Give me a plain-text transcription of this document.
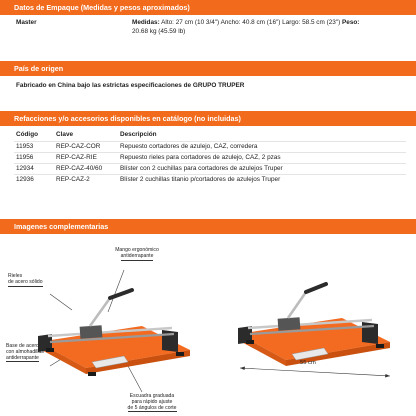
Datos de Empaque (Medidas y pesos aproximados)
Master	Medidas: Alto: 27 cm (10 3/4") Ancho: 40.8 cm (16") Largo: 58.5 cm (23") Peso: 20.68 kg (45.59 lb)
País de origen
Fabricado en China bajo las estrictas especificaciones de GRUPO TRUPER
Refacciones y/o accesorios disponibles en catálogo (no incluidas)
Código	Clave	Descripción
11953	REP-CAZ-COR	Repuesto cortadores de azulejo, CAZ, corredera
11956	REP-CAZ-RIE	Repuesto rieles para cortadores de azulejo, CAZ, 2 pzas
12934	REP-CAZ-40/60	Blíster con 2 cuchillas para cortadores de azulejos Truper
12936	REP-CAZ-2	Blíster 2 cuchillas titanio p/cortadores de azulejos Truper
Imagenes complementarias
Mango ergonómico
antiderrapante
Rieles
de acero sólido
Base de acero
con almohadillas
antiderrapante
Escuadra graduada
para rápido ajuste
de 5 ángulos de corte
55 cm
